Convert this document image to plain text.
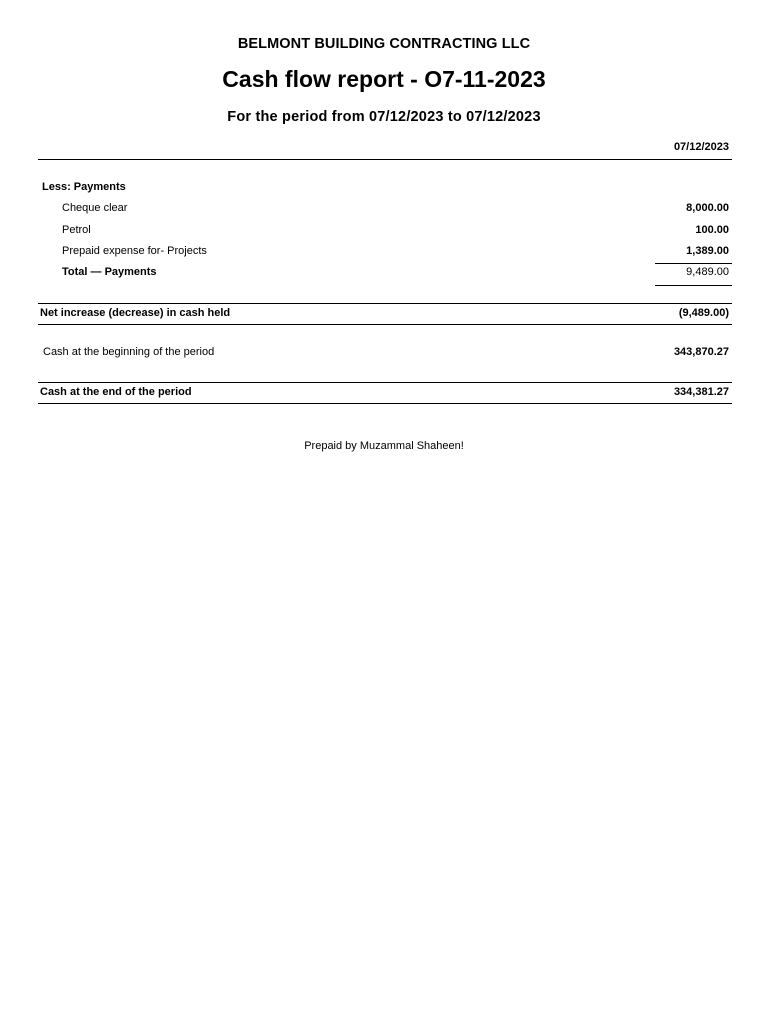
BELMONT BUILDING CONTRACTING LLC
Cash flow report - O7-11-2023
For the period from 07/12/2023 to 07/12/2023
07/12/2023
Less: Payments
Cheque clear	8,000.00
Petrol	100.00
Prepaid expense for- Projects	1,389.00
Total — Payments	9,489.00
Net increase (decrease) in cash held	(9,489.00)
Cash at the beginning of the period	343,870.27
Cash at the end of the period	334,381.27
Prepaid by Muzammal Shaheen!
